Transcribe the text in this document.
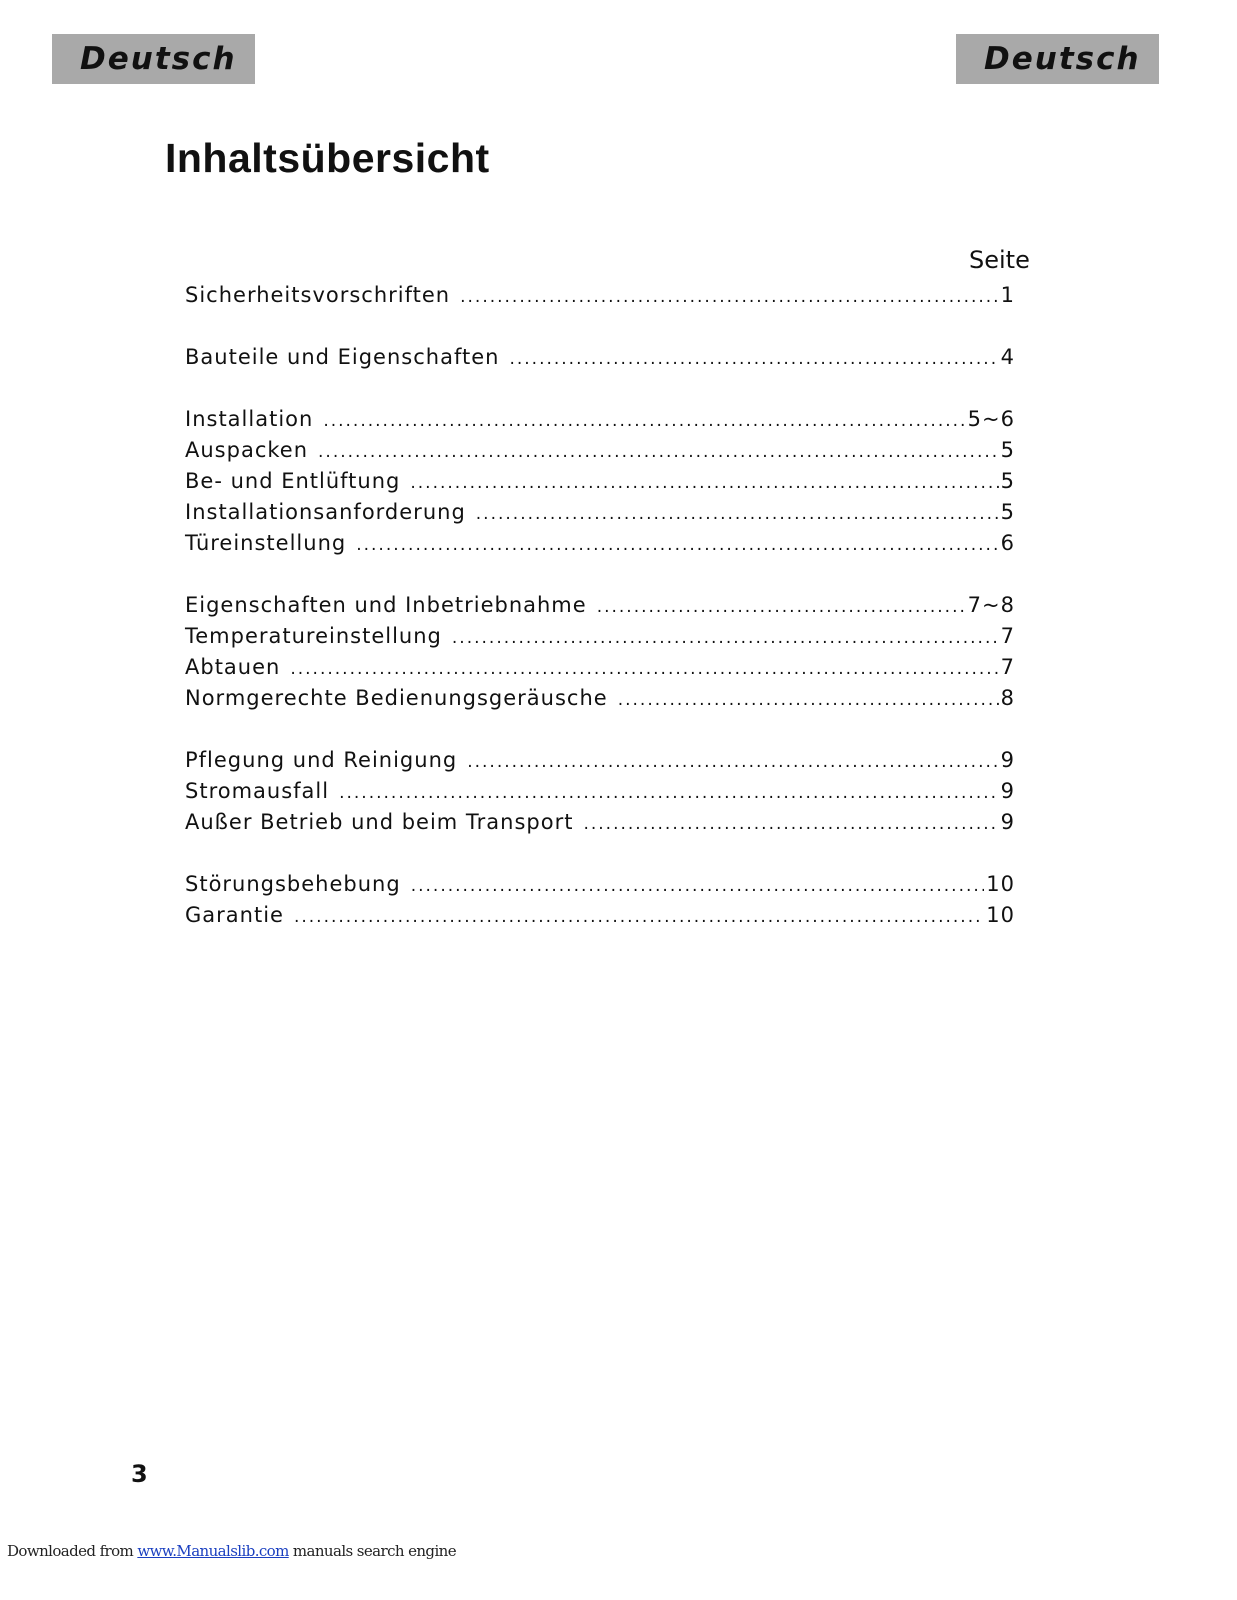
Deutsch	Deutsch
Inhaltsübersicht
Seite
Sicherheitsvorschriften .....	1
Bauteile und Eigenschaften .....	4
Installation .....	5~6
Auspacken .....	5
Be- und Entlüftung .....	5
Installationsanforderung .....	5
Türeinstellung .....	6
Eigenschaften und Inbetriebnahme .....	7~8
Temperatureinstellung .....	7
Abtauen .....	7
Normgerechte Bedienungsgeräusche .....	8
Pflegung und Reinigung .....	9
Stromausfall .....	9
Außer Betrieb und beim Transport .....	9
Störungsbehebung .....	10
Garantie .....	10
3
Downloaded from www.Manualslib.com manuals search engine
